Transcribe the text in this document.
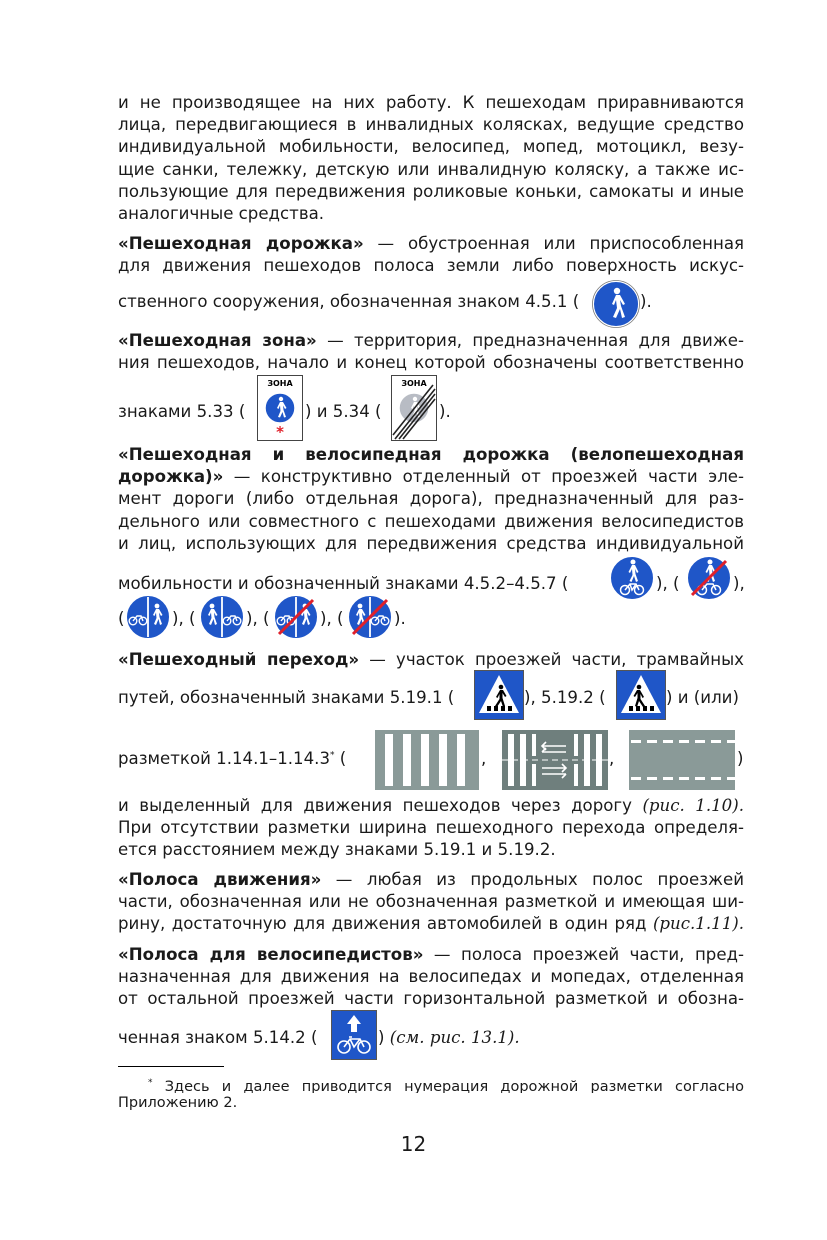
и не производящее на них работу. К пешеходам приравниваются
лица, передвигающиеся в инвалидных колясках, ведущие средство
индивидуальной мобильности, велосипед, мопед, мотоцикл, везу-
щие санки, тележку, детскую или инвалидную коляску, а также ис-
пользующие для передвижения роликовые коньки, самокаты и иные
аналогичные средства.
«Пешеходная дорожка» — обустроенная или приспособленная
для движения пешеходов полоса земли либо поверхность искус-
ственного сооружения, обозначенная знаком 4.5.1 (	).
«Пешеходная зона» — территория, предназначенная для движе-
ния пешеходов, начало и конец которой обозначены соответственно
знаками 5.33 (
ЗОНА
*
) и 5.34 (
ЗОНА
).
«Пешеходная и велосипедная дорожка (велопешеходная
дорожка)» — конструктивно отделенный от проезжей части эле-
мент дороги (либо отдельная дорога), предназначенный для раз-
дельного или совместного с пешеходами движения велосипедистов
и лиц, использующих для передвижения средства индивидуальной
мобильности и обозначенный знаками 4.5.2–4.5.7 (	), (	),
(	), (	), (	), (	).
«Пешеходный переход» — участок проезжей части, трамвайных
путей, обозначенный знаками 5.19.1 (	), 5.19.2 (	) и (или)
разметкой 1.14.1–1.14.3* (	,	,	)
и выделенный для движения пешеходов через дорогу (рис. 1.10).
При отсутствии разметки ширина пешеходного перехода определя-
ется расстоянием между знаками 5.19.1 и 5.19.2.
«Полоса движения» — любая из продольных полос проезжей
части, обозначенная или не обозначенная разметкой и имеющая ши-
рину, достаточную для движения автомобилей в один ряд (рис.1.11).
«Полоса для велосипедистов» — полоса проезжей части, пред-
назначенная для движения на велосипедах и мопедах, отделенная
от остальной проезжей части горизонтальной разметкой и обозна-
ченная знаком 5.14.2 (	) (см. рис. 13.1).
* Здесь и далее приводится нумерация дорожной разметки согласно
Приложению 2.
12
